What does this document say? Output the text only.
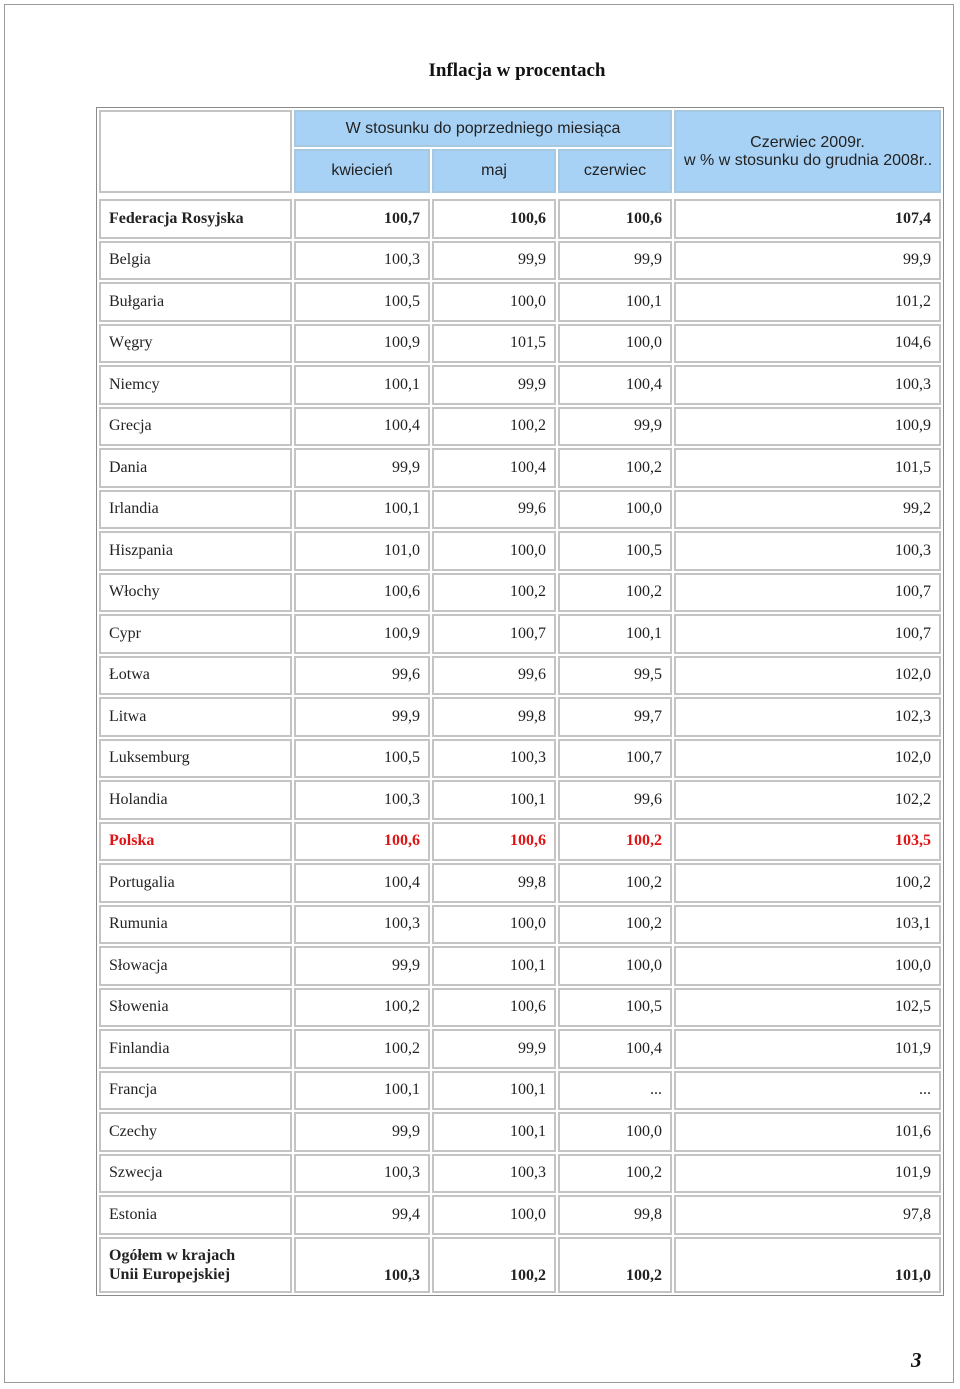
Inflacja w procentach
	W stosunku do poprzedniego miesiąca			Czerwiec 2009r.
w % w stosunku do grudnia 2008r..

	kwiecień	maj	czerwiec	

Federacja Rosyjska	100,7	100,6	100,6	107,4
Belgia	100,3	99,9	99,9	99,9
Bułgaria	100,5	100,0	100,1	101,2
Węgry	100,9	101,5	100,0	104,6
Niemcy	100,1	99,9	100,4	100,3
Grecja	100,4	100,2	99,9	100,9
Dania	99,9	100,4	100,2	101,5
Irlandia	100,1	99,6	100,0	99,2
Hiszpania	101,0	100,0	100,5	100,3
Włochy	100,6	100,2	100,2	100,7
Cypr	100,9	100,7	100,1	100,7
Łotwa	99,6	99,6	99,5	102,0
Litwa	99,9	99,8	99,7	102,3
Luksemburg	100,5	100,3	100,7	102,0
Holandia	100,3	100,1	99,6	102,2
Polska	100,6	100,6	100,2	103,5
Portugalia	100,4	99,8	100,2	100,2
Rumunia	100,3	100,0	100,2	103,1
Słowacja	99,9	100,1	100,0	100,0
Słowenia	100,2	100,6	100,5	102,5
Finlandia	100,2	99,9	100,4	101,9
Francja	100,1	100,1	...	...
Czechy	99,9	100,1	100,0	101,6
Szwecja	100,3	100,3	100,2	101,9
Estonia	99,4	100,0	99,8	97,8

Ogółem w krajach
Unii Europejskiej	100,3	100,2	100,2	101,0
3
